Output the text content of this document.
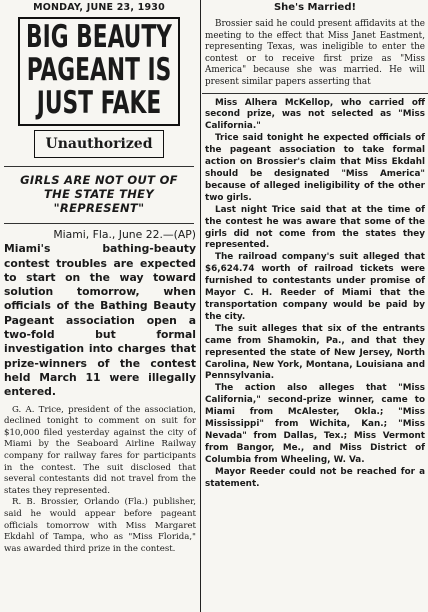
MONDAY, JUNE 23, 1930
BIG BEAUTY
PAGEANT IS
JUST FAKE
Unauthorized
GIRLS ARE NOT OUT OF
THE STATE THEY
"REPRESENT"
Miami, Fla., June 22.—(AP)
Miami's bathing-beauty contest troubles are expected to start on the way toward solution tomorrow, when officials of the Bathing Beauty Pageant association open a two-fold but formal investigation into charges that prize-winners of the contest held March 11 were illegally entered.

G. A. Trice, president of the association, declined tonight to comment on suit for $10,000 filed yesterday against the city of Miami by the Seaboard Airline Railway company for railway fares for participants in the contest. The suit disclosed that several contestants did not travel from the states they represented.

R. B. Brossier, Orlando (Fla.) publisher, said he would appear before pageant officials tomorrow with Miss Margaret Ekdahl of Tampa, who as "Miss Florida," was awarded third prize in the contest.

She's Married!
Brossier said he could present affidavits at the meeting to the effect that Miss Janet Eastment, representing Texas, was ineligible to enter the contest or to receive first prize as "Miss America" because she was married. He will present similar papers asserting that
Miss Alhera McKellop, who carried off second prize, was not selected as "Miss California."
Trice said tonight he expected officials of the pageant association to take formal action on Brossier's claim that Miss Ekdahl should be designated "Miss America" because of alleged ineligibility of the other two girls.
Last night Trice said that at the time of the contest he was aware that some of the girls did not come from the states they represented.
The railroad company's suit alleged that $6,624.74 worth of railroad tickets were furnished to contestants under promise of Mayor C. H. Reeder of Miami that the transportation company would be paid by the city.
The suit alleges that six of the entrants came from Shamokin, Pa., and that they represented the state of New Jersey, North Carolina, New York, Montana, Louisiana and Pennsylvania.
The action also alleges that "Miss California," second-prize winner, came to Miami from McAlester, Okla.; "Miss Mississippi" from Wichita, Kan.; "Miss Nevada" from Dallas, Tex.; Miss Vermont from Bangor, Me., and Miss District of Columbia from Wheeling, W. Va.
Mayor Reeder could not be reached for a statement.
